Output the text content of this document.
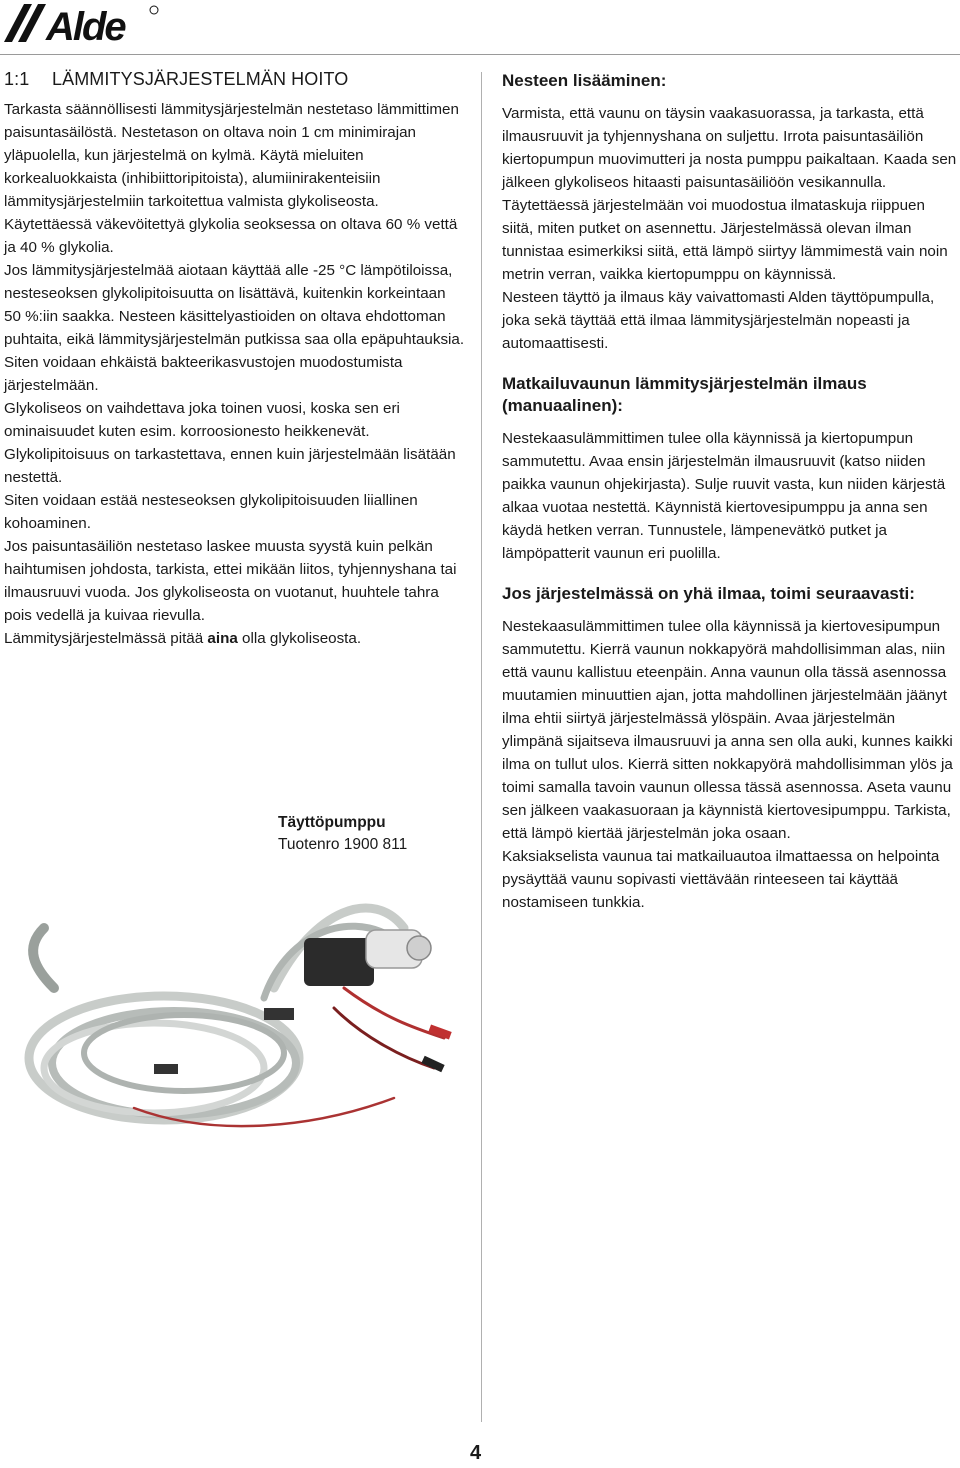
Alde
1:1 LÄMMITYSJÄRJESTELMÄN HOITO

Tarkasta säännöllisesti lämmitysjärjestelmän nestetaso lämmittimen paisuntasäilöstä. Nestetason on oltava noin 1 cm minimirajan yläpuolella, kun järjestelmä on kylmä. Käytä mieluiten korkealuokkaista (inhibiittoripitoista), alumiinirakenteisiin lämmitysjärjestelmiin tarkoitettua valmista glykoliseosta. Käytettäessä väkevöitettyä glykolia seoksessa on oltava 60 % vettä ja 40 % glykolia.

Jos lämmitysjärjestelmää aiotaan käyttää alle -25 °C lämpötiloissa, nesteseoksen glykolipitoisuutta on lisättävä, kuitenkin korkeintaan 50 %:iin saakka. Nesteen käsittelyastioiden on oltava ehdottoman puhtaita, eikä lämmitysjärjestelmän putkissa saa olla epäpuhtauksia. Siten voidaan ehkäistä bakteerikasvustojen muodostumista järjestelmään.

Glykoliseos on vaihdettava joka toinen vuosi, koska sen eri ominaisuudet kuten esim. korroosionesto heikkenevät.

Glykolipitoisuus on tarkastettava, ennen kuin järjestelmään lisätään nestettä.

Siten voidaan estää nesteseoksen glykolipitoisuuden liiallinen kohoaminen.

Jos paisuntasäiliön nestetaso laskee muusta syystä kuin pelkän haihtumisen johdosta, tarkista, ettei mikään liitos, tyhjennyshana tai ilmausruuvi vuoda. Jos glykoliseosta on vuotanut, huuhtele tahra pois vedellä ja kuivaa rievulla.

Lämmitysjärjestelmässä pitää aina olla glykoliseosta.

Täyttöpumppu
Tuotenro 1900 811
Nesteen lisääminen:

Varmista, että vaunu on täysin vaakasuorassa, ja tarkasta, että ilmausruuvit ja tyhjennyshana on suljettu. Irrota paisuntasäiliön kiertopumpun muovimutteri ja nosta pumppu paikaltaan. Kaada sen jälkeen glykoliseos hitaasti paisuntasäiliöön vesikannulla. Täytettäessä järjestelmään voi muodostua ilmataskuja riippuen siitä, miten putket on asennettu. Järjestelmässä olevan ilman tunnistaa esimerkiksi siitä, että lämpö siirtyy lämmimestä vain noin metrin verran, vaikka kiertopumppu on käynnissä.

Nesteen täyttö ja ilmaus käy vaivattomasti Alden täyttöpumpulla, joka sekä täyttää että ilmaa lämmitysjärjestelmän nopeasti ja automaattisesti.

Matkailuvaunun lämmitysjärjestelmän ilmaus (manuaalinen):

Nestekaasulämmittimen tulee olla käynnissä ja kiertopumpun sammutettu. Avaa ensin järjestelmän ilmausruuvit (katso niiden paikka vaunun ohjekirjasta). Sulje ruuvit vasta, kun niiden kärjestä alkaa vuotaa nestettä. Käynnistä kiertovesipumppu ja anna sen käydä hetken verran. Tunnustele, lämpenevätkö putket ja lämpöpatterit vaunun eri puolilla.

Jos järjestelmässä on yhä ilmaa, toimi seuraavasti:

Nestekaasulämmittimen tulee olla käynnissä ja kiertovesipumpun sammutettu. Kierrä vaunun nokkapyörä mahdollisimman alas, niin että vaunu kallistuu eteenpäin. Anna vaunun olla tässä asennossa muutamien minuuttien ajan, jotta mahdollinen järjestelmään jäänyt ilma ehtii siirtyä järjestelmässä ylöspäin. Avaa järjestelmän ylimpänä sijaitseva ilmausruuvi ja anna sen olla auki, kunnes kaikki ilma on tullut ulos. Kierrä sitten nokkapyörä mahdollisimman ylös ja toimi samalla tavoin vaunun ollessa tässä asennossa. Aseta vaunu sen jälkeen vaakasuoraan ja käynnistä kiertovesipumppu. Tarkista, että lämpö kiertää järjestelmän joka osaan.

Kaksiakselista vaunua tai matkailuautoa ilmattaessa on helpointa pysäyttää vaunu sopivasti viettävään rinteeseen tai käyttää nostamiseen tunkkia.

4
